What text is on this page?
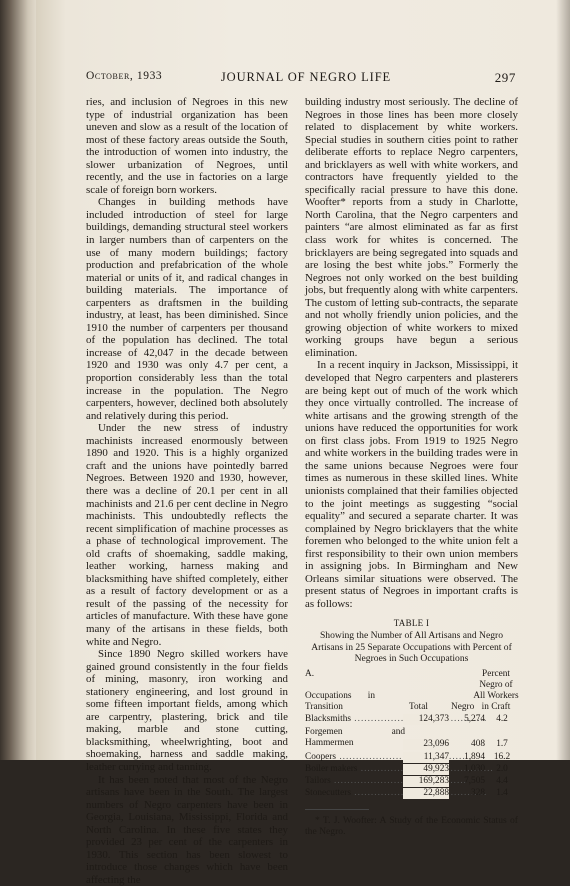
October, 1933	JOURNAL OF NEGRO LIFE	297

ries, and inclusion of Negroes in this new type of industrial organization has been uneven and slow as a result of the location of most of these factory areas outside the South, the introduction of women into industry, the slower urbanization of Negroes, until recently, and the use in factories on a large scale of foreign born workers.

Changes in building methods have included introduction of steel for large buildings, demanding structural steel workers in larger numbers than of carpenters on the use of many modern buildings; factory production and prefabrication of the whole material or units of it, and radical changes in building materials. The importance of carpenters as draftsmen in the building industry, at least, has been diminished. Since 1910 the number of carpenters per thousand of the population has declined. The total increase of 42,047 in the decade between 1920 and 1930 was only 4.7 per cent, a proportion considerably less than the total increase in the population. The Negro carpenters, however, declined both absolutely and relatively during this period.

Under the new stress of industry machinists increased enormously between 1890 and 1920. This is a highly organized craft and the unions have pointedly barred Negroes. Between 1920 and 1930, however, there was a decline of 20.1 per cent in all machinists and 21.6 per cent decline in Negro machinists. This undoubtedly reflects the recent simplification of machine processes as a phase of technological improvement. The old crafts of shoemaking, saddle making, leather working, harness making and blacksmithing have shifted completely, either as a result of factory development or as a result of the passing of the necessity for articles of manufacture. With these have gone many of the artisans in these fields, both white and Negro.

Since 1890 Negro skilled workers have gained ground consistently in the four fields of mining, masonry, iron working and stationery engineering, and lost ground in some fifteen important fields, among which are carpentry, plastering, brick and tile making, marble and stone cutting, blacksmithing, wheelwrighting, boot and shoemaking, harness and saddle making, leather currying and tanning.

It has been noted that most of the Negro artisans have been in the South. The largest numbers of Negro carpenters have been in Georgia, Louisiana, Mississippi, Florida and North Carolina. In these five states they provided 23 per cent of the carpenters in 1930. This section has been slowest to introduce those changes which have been affecting the

building industry most seriously. The decline of Negroes in those lines has been more closely related to displacement by white workers. Special studies in southern cities point to rather deliberate efforts to replace Negro carpenters, and bricklayers as well with white workers, and contractors have frequently yielded to the specifically racial pressure to have this done. Woofter* reports from a study in Charlotte, North Carolina, that the Negro carpenters and painters “are almost eliminated as far as first class work for whites is concerned. The bricklayers are being segregated into squads and are losing the best white jobs.” Formerly the Negroes not only worked on the best building jobs, but frequently along with white carpenters. The custom of letting sub-contracts, the separate and not wholly friendly union policies, and the growing objection of white workers to mixed working groups have begun a serious elimination.

In a recent inquiry in Jackson, Mississippi, it developed that Negro carpenters and plasterers are being kept out of much of the work which they once virtually controlled. The increase of white artisans and the growing strength of the unions have reduced the opportunities for work on first class jobs. From 1919 to 1925 Negro and white workers in the building trades were in the same unions because Negroes were four times as numerous in these skilled lines. White unionists complained that their families objected to the joint meetings as suggesting “social equality” and secured a separate charter. It was complained by Negro bricklayers that the white foremen who belonged to the white union felt a first responsibility to their own union members in assigning jobs. In Birmingham and New Orleans similar situations were observed. The present status of Negroes in important crafts is as follows:

TABLE I
Showing the Number of All Artisans and Negro Artisans in 25 Separate Occupations with Percent of Negroes in Such Occupations
A.
Occupations in Transition	Total Negro
Percent Negro of All Workers in Craft
Blacksmiths .....	124,373	5,274	4.2
Forgemen and Hammermen	23,096	408	1.7
Coopers .....	11,347	1,894 16.2
Boiler makers .....	49,923	1,030	2.0
Tailors .....	169,283	7,505	4.4
Stonecutters .....	22,888	328	1.4
* T. J. Woofter: A Study of the Economic Status of the Negro.
